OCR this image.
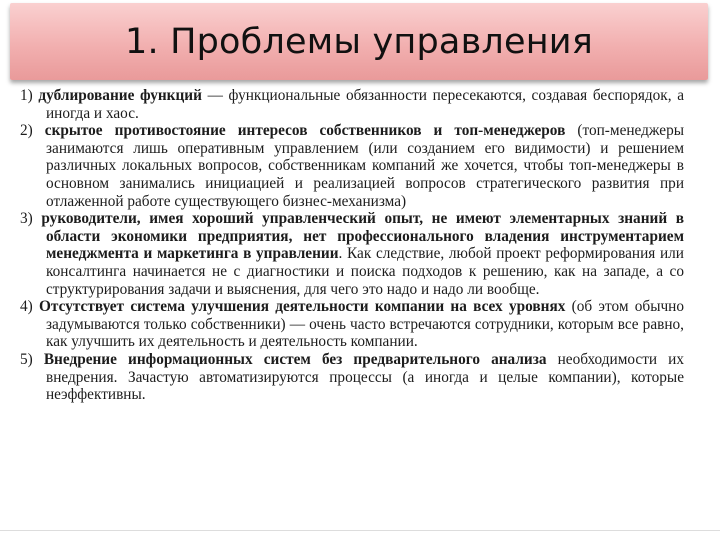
1. Проблемы управления

1) дублирование функций — функциональные обязанности пересекаются, создавая беспорядок, а иногда и хаос.

2) скрытое противостояние интересов собственников и топ-менеджеров (топ-менеджеры занимаются лишь оперативным управлением (или созданием его видимости) и решением различных локальных вопросов, собственникам компаний же хочется, чтобы топ-менеджеры в основном занимались инициацией и реализацией вопросов стратегического развития при отлаженной работе существующего бизнес-механизма)

3) руководители, имея хороший управленческий опыт, не имеют элементарных знаний в области экономики предприятия, нет профессионального владения инструментарием менеджмента и маркетинга в управлении. Как следствие, любой проект реформирования или консалтинга начинается не с диагностики и поиска подходов к решению, как на западе, а со структурирования задачи и выяснения, для чего это надо и надо ли вообще.

4) Отсутствует система улучшения деятельности компании на всех уровнях (об этом обычно задумываются только собственники) — очень часто встречаются сотрудники, которым все равно, как улучшить их деятельность и деятельность компании.

5) Внедрение информационных систем без предварительного анализа необходимости их внедрения. Зачастую автоматизируются процессы (а иногда и целые компании), которые неэффективны.
